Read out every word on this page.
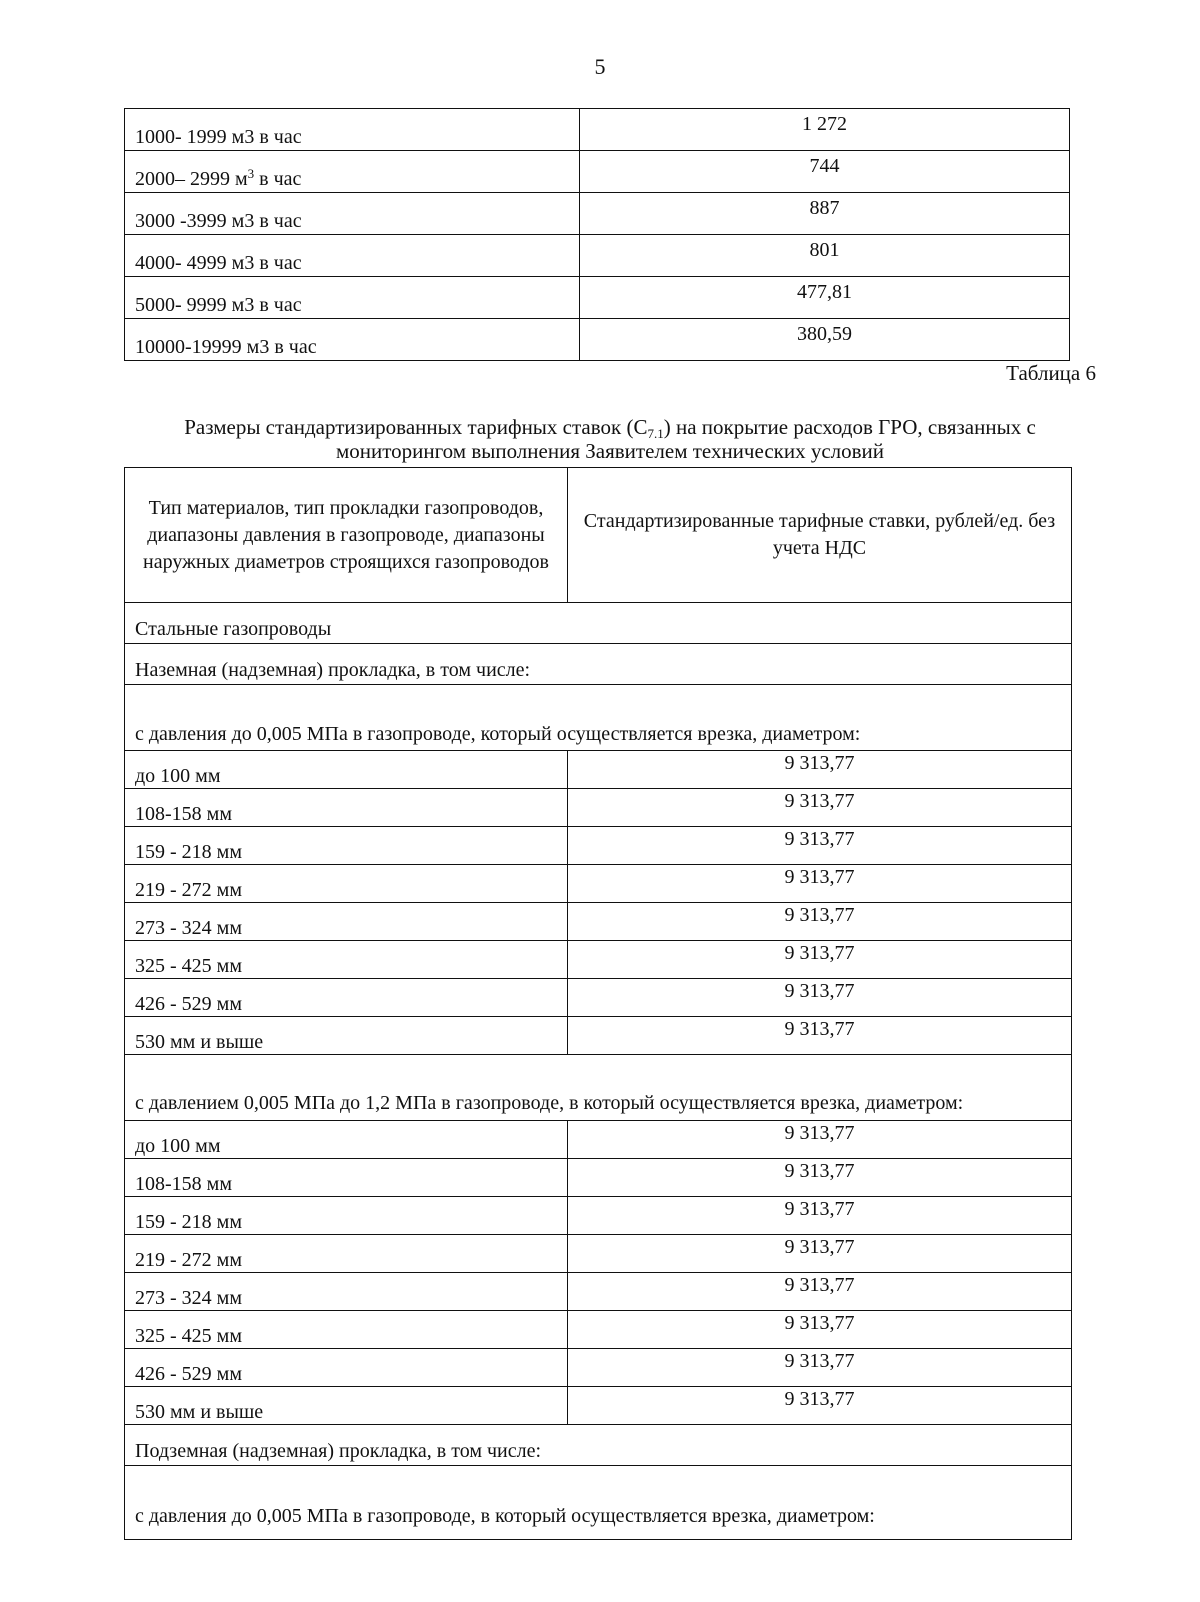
5
1000- 1999 м3 в час	1 272
2000– 2999 $м^3$ в час	744
3000 -3999 м3 в час	887
4000- 4999 м3 в час	801
5000- 9999 м3 в час	477,81
10000-19999 м3 в час	380,59
Таблица 6
Размеры стандартизированных тарифных ставок $(С_{7.1})$ на покрытие расходов ГРО, связанных с мониторингом выполнения Заявителем технических условий
Тип материалов, тип прокладки газопроводов, диапазоны давления в газопроводе, диапазоны наружных диаметров строящихся газопроводов	Стандартизированные тарифные ставки, рублей/ед. без учета НДС
Стальные газопроводы	
Наземная (надземная) прокладка, в том числе:	
с давления до 0,005 МПа в газопроводе, который осуществляется врезка, диаметром:	
до 100 мм	9 313,77
108-158 мм	9 313,77
159 - 218 мм	9 313,77
219 - 272 мм	9 313,77
273 - 324 мм	9 313,77
325 - 425 мм	9 313,77
426 - 529 мм	9 313,77
530 мм и выше	9 313,77
с давлением 0,005 МПа до 1,2 МПа в газопроводе, в который осуществляется врезка, диаметром:	
до 100 мм	9 313,77
108-158 мм	9 313,77
159 - 218 мм	9 313,77
219 - 272 мм	9 313,77
273 - 324 мм	9 313,77
325 - 425 мм	9 313,77
426 - 529 мм	9 313,77
530 мм и выше	9 313,77
Подземная (надземная) прокладка, в том числе:	
с давления до 0,005 МПа в газопроводе, в который осуществляется врезка, диаметром:	
